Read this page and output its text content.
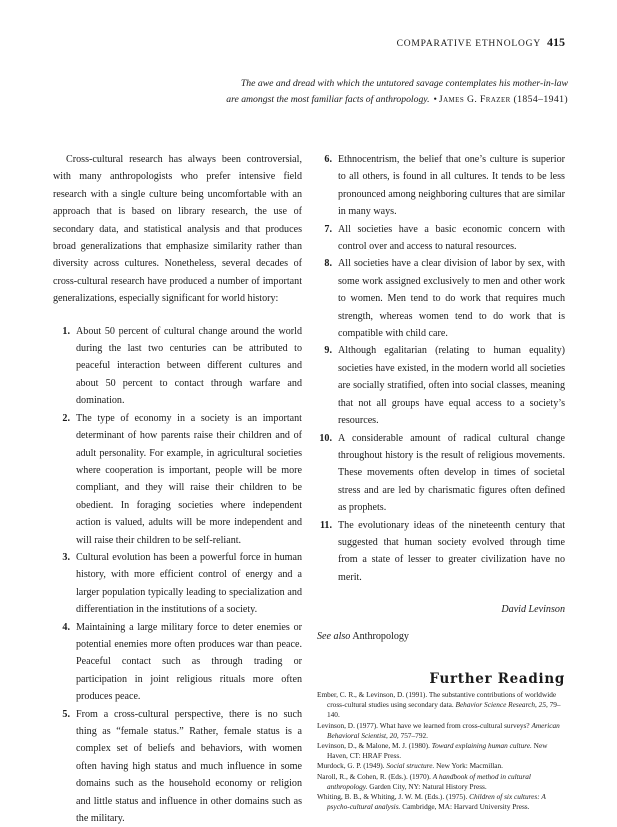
COMPARATIVE ETHNOLOGY 415
The awe and dread with which the untutored savage contemplates his mother-in-law
are amongst the most familiar facts of anthropology. • James G. Frazer (1854–1941)

Cross-cultural research has always been controversial, with many anthropologists who prefer intensive field research with a single culture being uncomfortable with an approach that is based on library research, the use of secondary data, and statistical analysis and that produces broad generalizations that emphasize similarity rather than diversity across cultures. Nonetheless, several decades of cross-cultural research have produced a number of important generalizations, especially significant for world history:

1. About 50 percent of cultural change around the world during the last two centuries can be attributed to peaceful interaction between different cultures and about 50 percent to contact through warfare and domination.
2. The type of economy in a society is an important determinant of how parents raise their children and of adult personality. For example, in agricultural societies where cooperation is important, people will be more compliant, and they will raise their children to be obedient. In foraging societies where independent action is valued, adults will be more independent and will raise their children to be self-reliant.
3. Cultural evolution has been a powerful force in human history, with more efficient control of energy and a larger population typically leading to specialization and differentiation in the institutions of a society.
4. Maintaining a large military force to deter enemies or potential enemies more often produces war than peace. Peaceful contact such as through trading or participation in joint religious rituals more often produces peace.
5. From a cross-cultural perspective, there is no such thing as “female status.” Rather, female status is a complex set of beliefs and behaviors, with women often having high status and much influence in some domains such as the household economy or religion and little status and influence in other domains such as the military.
6. Ethnocentrism, the belief that one’s culture is superior to all others, is found in all cultures. It tends to be less pronounced among neighboring cultures that are similar in many ways.
7. All societies have a basic economic concern with control over and access to natural resources.
8. All societies have a clear division of labor by sex, with some work assigned exclusively to men and other work to women. Men tend to do work that requires much strength, whereas women tend to do work that is compatible with child care.
9. Although egalitarian (relating to human equality) societies have existed, in the modern world all societies are socially stratified, often into social classes, meaning that not all groups have equal access to a society’s resources.
10. A considerable amount of radical cultural change throughout history is the result of religious movements. These movements often develop in times of societal stress and are led by charismatic figures often defined as prophets.
11. The evolutionary ideas of the nineteenth century that suggested that human society evolved through time from a state of lesser to greater civilization have no merit.
David Levinson
See also Anthropology
Further Reading
Ember, C. R., & Levinson, D. (1991). The substantive contributions of worldwide cross-cultural studies using secondary data. Behavior Science Research, 25, 79–140.
Levinson, D. (1977). What have we learned from cross-cultural surveys? American Behavioral Scientist, 20, 757–792.
Levinson, D., & Malone, M. J. (1980). Toward explaining human culture. New Haven, CT: HRAF Press.
Murdock, G. P. (1949). Social structure. New York: Macmillan.
Naroll, R., & Cohen, R. (Eds.). (1970). A handbook of method in cultural anthropology. Garden City, NY: Natural History Press.
Whiting, B. B., & Whiting, J. W. M. (Eds.). (1975). Children of six cultures: A psycho-cultural analysis. Cambridge, MA: Harvard University Press.
